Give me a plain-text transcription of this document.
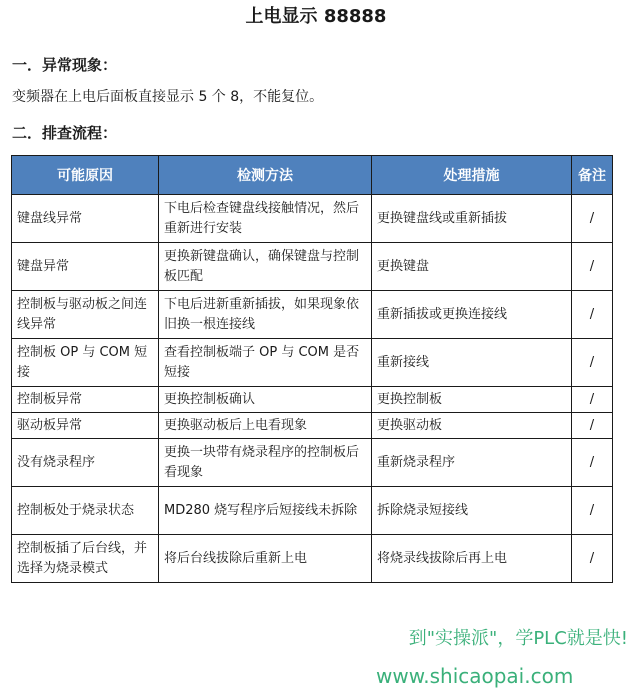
上电显示 88888
一．异常现象：
变频器在上电后面板直接显示 5 个 8，不能复位。
二．排查流程：
可能原因	检测方法	处理措施	备注
键盘线异常	下电后检查键盘线接触情况，然后重新进行安装	更换键盘线或重新插拔	/
键盘异常	更换新键盘确认，确保键盘与控制板匹配	更换键盘	/
控制板与驱动板之间连线异常	下电后进新重新插拔，如果现象依旧换一根连接线	重新插拔或更换连接线	/
控制板 OP 与 COM 短接	查看控制板端子 OP 与 COM 是否短接	重新接线	/
控制板异常	更换控制板确认	更换控制板	/
驱动板异常	更换驱动板后上电看现象	更换驱动板	/
没有烧录程序	更换一块带有烧录程序的控制板后看现象	重新烧录程序	/
控制板处于烧录状态	MD280 烧写程序后短接线未拆除	拆除烧录短接线	/
控制板插了后台线，并选择为烧录模式	将后台线拔除后重新上电	将烧录线拔除后再上电	/
到"实操派"，学PLC就是快!
www.shicaopai.com
